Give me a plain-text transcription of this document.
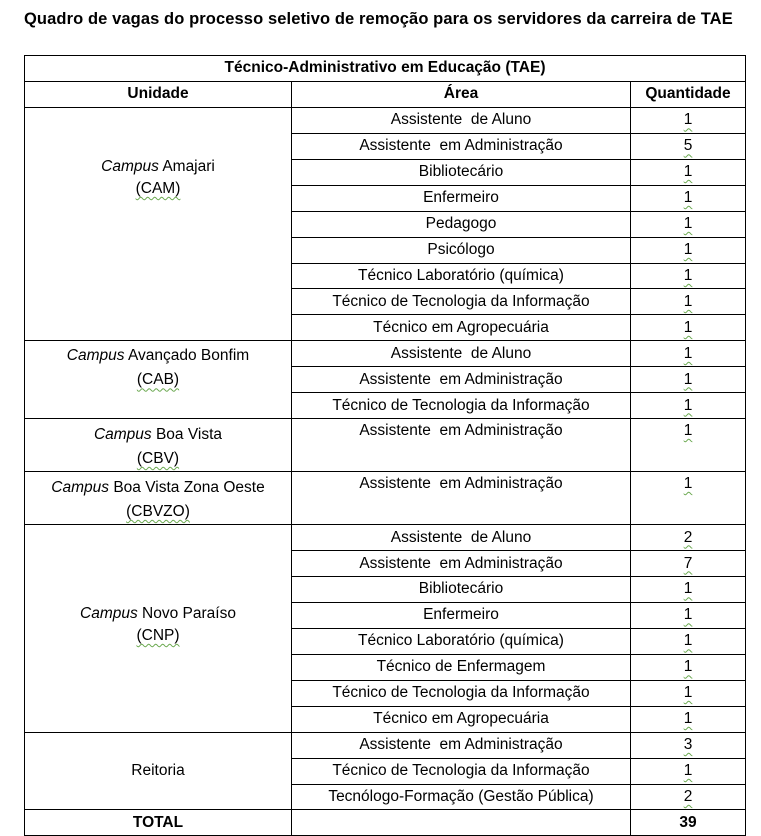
Quadro de vagas do processo seletivo de remoção para os servidores da carreira de TAE
Técnico-Administrativo em Educação (TAE)		
Unidade	Área	Quantidade

Campus Amajari
(CAM)	Assistente  de Aluno	1
	Assistente  em Administração	5
	Bibliotecário	1
	Enfermeiro	1
	Pedagogo	1
	Psicólogo	1
	Técnico Laboratório (química)	1
	Técnico de Tecnologia da Informação	1
	Técnico em Agropecuária	1

Campus Avançado Bonfim
(CAB)	Assistente  de Aluno	1
	Assistente  em Administração	1
	Técnico de Tecnologia da Informação	1

Campus Boa Vista
(CBV)	Assistente  em Administração	1

Campus Boa Vista Zona Oeste
(CBVZO)	Assistente  em Administração	1

Campus Novo Paraíso
(CNP)	Assistente  de Aluno	2
	Assistente  em Administração	7
	Bibliotecário	1
	Enfermeiro	1
	Técnico Laboratório (química)	1
	Técnico de Enfermagem	1
	Técnico de Tecnologia da Informação	1
	Técnico em Agropecuária	1

Reitoria	Assistente  em Administração	3
	Técnico de Tecnologia da Informação	1
	Tecnólogo-Formação (Gestão Pública)	2
TOTAL		39
